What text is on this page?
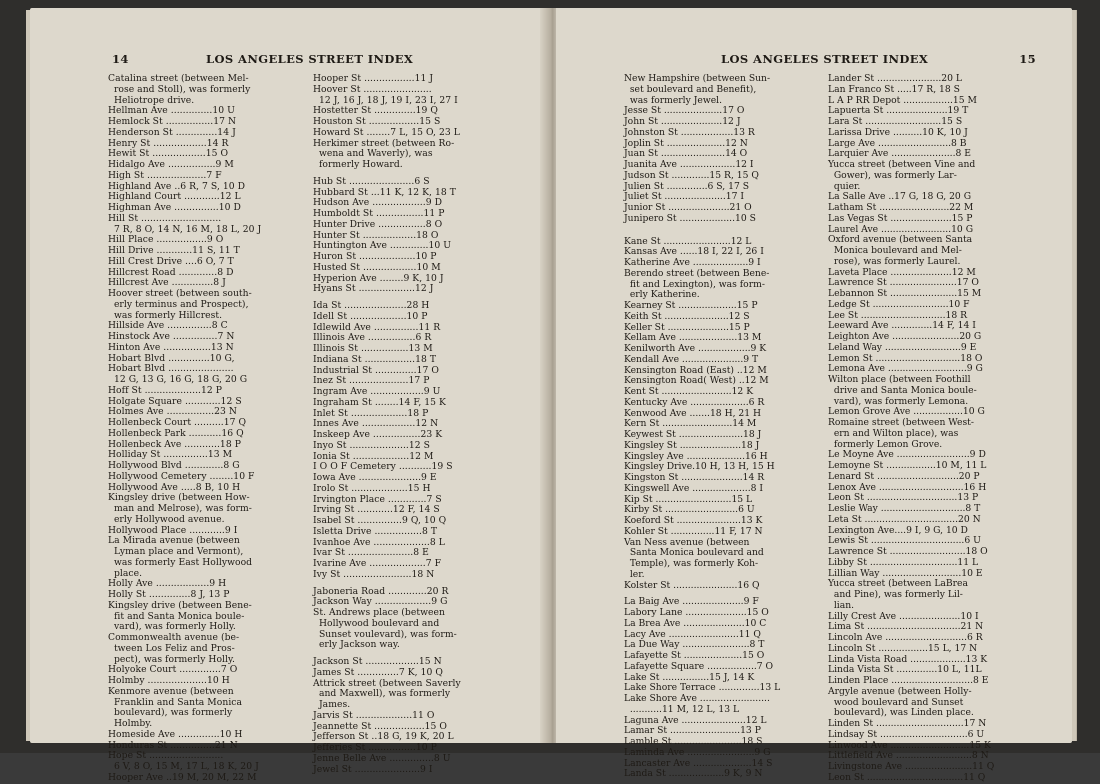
14	LOS ANGELES STREET INDEX
Catalina street (between Mel-
rose and Stoll), was formerly
Heliotrope drive.
Hellman Ave ..............10 U
Hemlock St ................17 N
Henderson St ..............14 J
Henry St ..................14 R
Hewit St ..................15 O
Hidalgo Ave ................9 M
High St ....................7 F
Highland Ave ..6 R, 7 S, 10 D
Highland Court ............12 L
Highman Ave ...............10 D
Hill St ...........................
7 R, 8 O, 14 N, 16 M, 18 L, 20 J
Hill Place .................9 O
Hill Drive ............11 S, 11 T
Hill Crest Drive ....6 O, 7 T
Hillcrest Road .............8 D
Hillcrest Ave ..............8 J
Hoover street (between south-
erly terminus and Prospect),
was formerly Hillcrest.
Hillside Ave ...............8 C
Hinstock Ave ...............7 N
Hinton Ave ................13 N
Hobart Blvd ..............10 G,
Hobart Blvd ......................
12 G, 13 G, 16 G, 18 G, 20 G
Hoff St ...................12 P
Holgate Square ............12 S
Holmes Ave ................23 N
Hollenbeck Court ..........17 Q
Hollenbeck Park ...........16 Q
Hollenbeck Ave ............18 P
Holliday St ...............13 M
Hollywood Blvd .............8 G
Hollywood Cemetery ........10 F
Hollywood Ave .....8 B, 10 H
Kingsley drive (between How-
man and Melrose), was form-
erly Hollywood avenue.
Hollywood Place ............9 I
La Mirada avenue (between
Lyman place and Vermont),
was formerly East Hollywood
place.
Holly Ave ..................9 H
Holly St ..............8 J, 13 P
Kingsley drive (between Bene-
fit and Santa Monica boule-
vard), was formerly Holly.
Commonwealth avenue (be-
tween Los Feliz and Pros-
pect), was formerly Holly.
Holyoke Court ..............7 O
Holmby ....................10 H
Kenmore avenue (between
Franklin and Santa Monica
boulevard), was formerly
Holmby.
Homeside Ave ..............10 H
Honduras St ...............21 N
Hope St .........................
6 V, 8 O, 15 M, 17 L, 18 K, 20 J
Hooper Ave ..19 M, 20 M, 22 M
Hooper St .................11 J
Hoover St .......................
12 J, 16 J, 18 J, 19 I, 23 I, 27 I
Hostetter St ..............19 Q
Houston St .................15 S
Howard St ........7 L, 15 O, 23 L
Herkimer street (between Ro-
wena and Waverly), was
formerly Howard.
Hub St ......................6 S
Hubbard St ...11 K, 12 K, 18 T
Hudson Ave ..................9 D
Humboldt St ................11 P
Hunter Drive ................8 O
Hunter St ..................18 O
Huntington Ave .............10 U
Huron St ...................10 P
Husted St ..................10 M
Hyperion Ave ........9 K, 10 J
Hyans St ...................12 J
Ida St .....................28 H
Idell St ...................10 P
Idlewild Ave ...............11 R
Illinois Ave ................6 R
Illinois St ................13 M
Indiana St .................18 T
Industrial St ..............17 O
Inez St ....................17 P
Ingram Ave ..................9 U
Ingraham St ........14 F, 15 K
Inlet St ...................18 P
Innes Ave ..................12 N
Inskeep Ave ................23 K
Inyo St ....................12 S
Ionia St ...................12 M
I O O F Cemetery ...........19 S
Iowa Ave .....................9 E
Irolo St ...................15 H
Irvington Place .............7 S
Irving St ............12 F, 14 S
Isabel St ...............9 Q, 10 Q
Isletta Drive ................8 T
Ivanhoe Ave ...................8 L
Ivar St ......................8 E
Ivarine Ave ...................7 F
Ivy St .......................18 N
Jaboneria Road .............20 R
Jackson Way ...................9 G
St. Andrews place (between
Hollywood boulevard and
Sunset voulevard), was form-
erly Jackson way.
Jackson St ..................15 N
James St ..............7 K, 10 Q
Attrick street (between Saverly
and Maxwell), was formerly
James.
Jarvis St ...................11 O
Jeannette St .................15 O
Jefferson St ..18 G, 19 K, 20 L
Jefferies St ................10 P
Jenne Belle Ave ...............8 U
Jewel St ......................9 I
LOS ANGELES STREET INDEX	15
New Hampshire (between Sun-
set boulevard and Benefit),
was formerly Jewel.
Jesse St ....................17 O
John St .....................12 J
Johnston St ..................13 R
Joplin St ....................12 N
Juan St ......................14 O
Juanita Ave ...................12 I
Judson St .............15 R, 15 Q
Julien St ..............6 S, 17 S
Juliet St .....................17 I
Junior St .....................21 O
Junipero St ...................10 S
Kane St .......................12 L
Kansas Ave ......18 I, 22 I, 26 I
Katherine Ave ...................9 I
Berendo street (between Bene-
fit and Lexington), was form-
erly Katherine.
Kearney St ....................15 P
Keith St ......................12 S
Keller St .....................15 P
Kellam Ave ....................13 M
Kenilworth Ave ..................9 K
Kendall Ave .....................9 T
Kensington Road (East) ..12 M
Kensington Road( West) ..12 M
Kent St ........................12 K
Kentucky Ave ....................6 R
Kenwood Ave .......18 H, 21 H
Kern St ........................14 M
Keywest St ......................18 J
Kingsley St .....................18 J
Kingsley Ave ....................16 H
Kingsley Drive.10 H, 13 H, 15 H
Kingston St .....................14 R
Kingswell Ave ....................8 I
Kip St ..........................15 L
Kirby St .........................6 U
Koeford St ......................13 K
Kohler St ...............11 F, 17 N
Van Ness avenue (between
Santa Monica boulevard and
Temple), was formerly Koh-
ler.
Kolster St ......................16 Q
La Baig Ave .....................9 F
Labory Lane .....................15 O
La Brea Ave .....................10 C
Lacy Ave ........................11 Q
La Due Way .......................8 T
Lafayette St ....................15 O
Lafayette Square .................7 O
Lake St ................15 J, 14 K
Lake Shore Terrace ..............13 L
Lake Shore Ave ........................
...........11 M, 12 L, 13 L
Laguna Ave ......................12 L
Lamar St ........................13 P
Lamble St .......................18 S
Laminda Ave .......................9 G
Lancaster Ave ....................14 S
Landa St ...................9 K, 9 N
Lander St ......................20 L
Lan Franco St .....17 R, 18 S
L A P RR Depot .................15 M
Lapuerta St .....................19 T
Lara St ..........................15 S
Larissa Drive ..........10 K, 10 J
Large Ave .........................8 B
Larquier Ave ......................8 E
Yucca street (between Vine and
Gower), was formerly Lar-
quier.
La Salle Ave ..17 G, 18 G, 20 G
Latham St ........................22 M
Las Vegas St .....................15 P
Laurel Ave ........................10 G
Oxford avenue (between Santa
Monica boulevard and Mel-
rose), was formerly Laurel.
Laveta Place .....................12 M
Lawrence St .......................17 O
Lebannon St .......................15 M
Ledge St ..........................10 F
Lee St .............................18 R
Leeward Ave ..............14 F, 14 I
Leighton Ave .......................20 G
Leland Way ..........................9 E
Lemon St .............................18 O
Lemona Ave ...........................9 G
Wilton place (between Foothill
drive and Santa Monica boule-
vard), was formerly Lemona.
Lemon Grove Ave .................10 G
Romaine street (between West-
ern and Wilton place), was
formerly Lemon Grove.
Le Moyne Ave .........................9 D
Lemoyne St .................10 M, 11 L
Lenard St ............................20 P
Lenox Ave .............................16 H
Leon St ...............................13 P
Leslie Way .............................8 T
Leta St ................................20 N
Lexington Ave....9 I, 9 G, 10 D
Lewis St ................................6 U
Lawrence St ..........................18 O
Libby St ..............................11 L
Lillian Way ...........................10 E
Yucca street (between LaBrea
and Pine), was formerly Lil-
lian.
Lilly Crest Ave .....................10 I
Lima St ................................21 N
Lincoln Ave ............................6 R
Lincoln St .................15 L, 17 N
Linda Vista Road ...................13 K
Linda Vista St ..............10 L, 11L
Linden Place ............................8 E
Argyle avenue (between Holly-
wood boulevard and Sunset
boulevard), was Linden place.
Linden St ..............................17 N
Lindsay St ..............................6 U
Linwood Ave ...........................15 K
Littlefield Ave ..........................8 N
Livingstone Ave .......................11 Q
Leon St .................................11 Q
